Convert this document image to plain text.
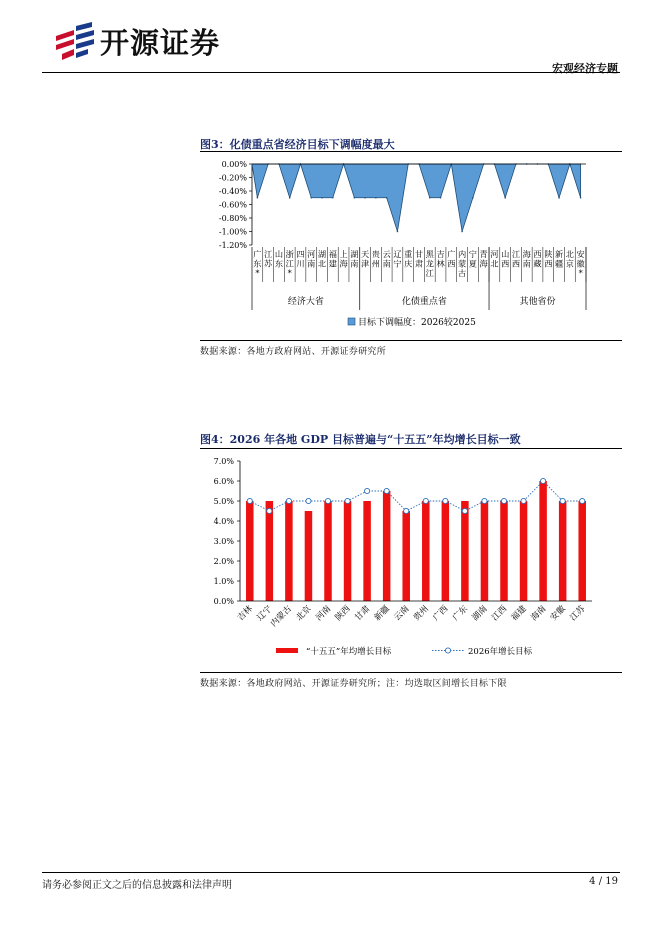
开源证券
宏观经济专题
图3：化债重点省经济目标下调幅度最大
0.00%
-0.20%
-0.40%
-0.60%
-0.80%
-1.00%
-1.20%
广
东
*
江
苏
山
东
浙
江
*
四
川
河
南
湖
北
福
建
上
海
湖
南
天
津
贵
州
云
南
辽
宁
重
庆
甘
肃
黑
龙
江
吉
林
广
西
内
蒙
古
宁
夏
青
海
河
北
山
西
江
西
海
南
西
藏
陕
西
新
疆
北
京
安
徽
*
经济大省	化债重点省	其他省份
目标下调幅度：2026较2025
数据来源：各地方政府网站、开源证券研究所
图4：2026 年各地 GDP 目标普遍与“十五五”年均增长目标一致
7.0%
6.0%
5.0%
4.0%
3.0%
2.0%
1.0%
0.0%
吉林 辽宁
内蒙古 北京 河南 陕西 甘肃 新疆 云南 贵州 广西 广东 湖南 江西 福建 海南 安徽 江苏
“十五五”年均增长目标	2026年增长目标
数据来源：各地政府网站、开源证券研究所；注：均选取区间增长目标下限
请务必参阅正文之后的信息披露和法律声明	4 / 19
